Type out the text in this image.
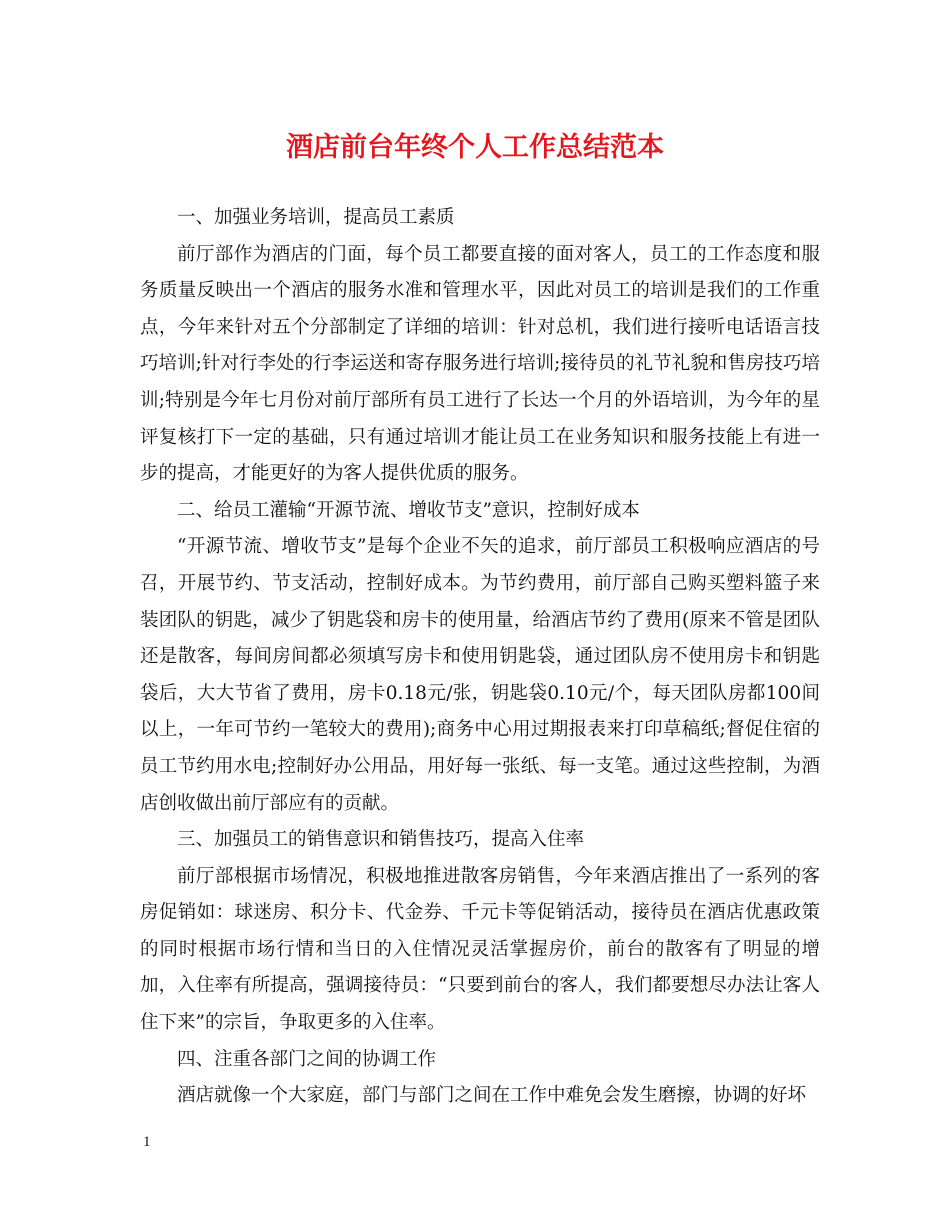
酒店前台年终个人工作总结范本

一、加强业务培训，提高员工素质

前厅部作为酒店的门面，每个员工都要直接的面对客人，员工的工作态度和服务质量反映出一个酒店的服务水准和管理水平，因此对员工的培训是我们的工作重点，今年来针对五个分部制定了详细的培训：针对总机，我们进行接听电话语言技巧培训;针对行李处的行李运送和寄存服务进行培训;接待员的礼节礼貌和售房技巧培训;特别是今年七月份对前厅部所有员工进行了长达一个月的外语培训，为今年的星评复核打下一定的基础，只有通过培训才能让员工在业务知识和服务技能上有进一步的提高，才能更好的为客人提供优质的服务。

二、给员工灌输“开源节流、增收节支”意识，控制好成本

“开源节流、增收节支”是每个企业不矢的追求，前厅部员工积极响应酒店的号召，开展节约、节支活动，控制好成本。为节约费用，前厅部自己购买塑料篮子来装团队的钥匙，减少了钥匙袋和房卡的使用量，给酒店节约了费用(原来不管是团队还是散客，每间房间都必须填写房卡和使用钥匙袋，通过团队房不使用房卡和钥匙袋后，大大节省了费用，房卡0.18元/张，钥匙袋0.10元/个，每天团队房都100间以上，一年可节约一笔较大的费用);商务中心用过期报表来打印草稿纸;督促住宿的员工节约用水电;控制好办公用品，用好每一张纸、每一支笔。通过这些控制，为酒店创收做出前厅部应有的贡献。

三、加强员工的销售意识和销售技巧，提高入住率

前厅部根据市场情况，积极地推进散客房销售，今年来酒店推出了一系列的客房促销如：球迷房、积分卡、代金券、千元卡等促销活动，接待员在酒店优惠政策的同时根据市场行情和当日的入住情况灵活掌握房价，前台的散客有了明显的增加，入住率有所提高，强调接待员：“只要到前台的客人，我们都要想尽办法让客人住下来”的宗旨，争取更多的入住率。

四、注重各部门之间的协调工作

酒店就像一个大家庭，部门与部门之间在工作中难免会发生磨擦，协调的好坏

1
